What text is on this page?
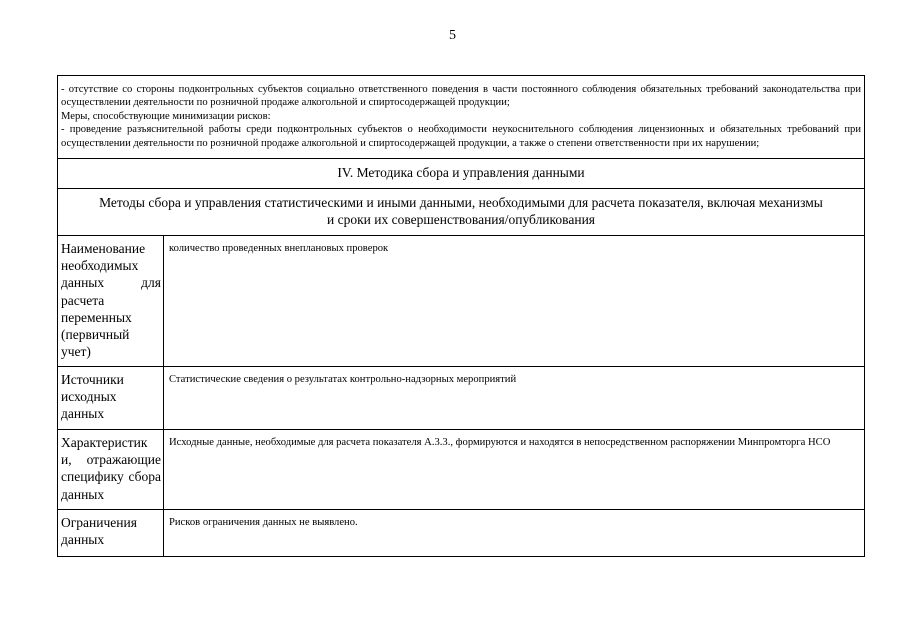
5

- отсутствие со стороны подконтрольных субъектов социально ответственного поведения в части постоянного соблюдения обязательных требований законодательства при осуществлении деятельности по розничной продаже алкогольной и спиртосодержащей продукции;

Меры, способствующие минимизации рисков:

- проведение разъяснительной работы среди подконтрольных субъектов о необходимости неукоснительного соблюдения лицензионных и обязательных требований при осуществлении деятельности по розничной продаже алкогольной и спиртосодержащей продукции, а также о степени ответственности при их нарушении;

IV. Методика сбора и управления данными
Методы сбора и управления статистическими и иными данными, необходимыми для расчета показателя, включая механизмы и сроки их совершенствования/опубликования
Наименование необходимых данных для расчета переменных (первичный учет)
количество проведенных внеплановых проверок
Источники исходных данных
Статистические сведения о результатах контрольно-надзорных мероприятий
Характеристик и, отражающие специфику сбора данных
Исходные данные, необходимые для расчета показателя А.3.3., формируются и находятся в непосредственном распоряжении Минпромторга НСО
Ограничения данных
Рисков ограничения данных не выявлено.
